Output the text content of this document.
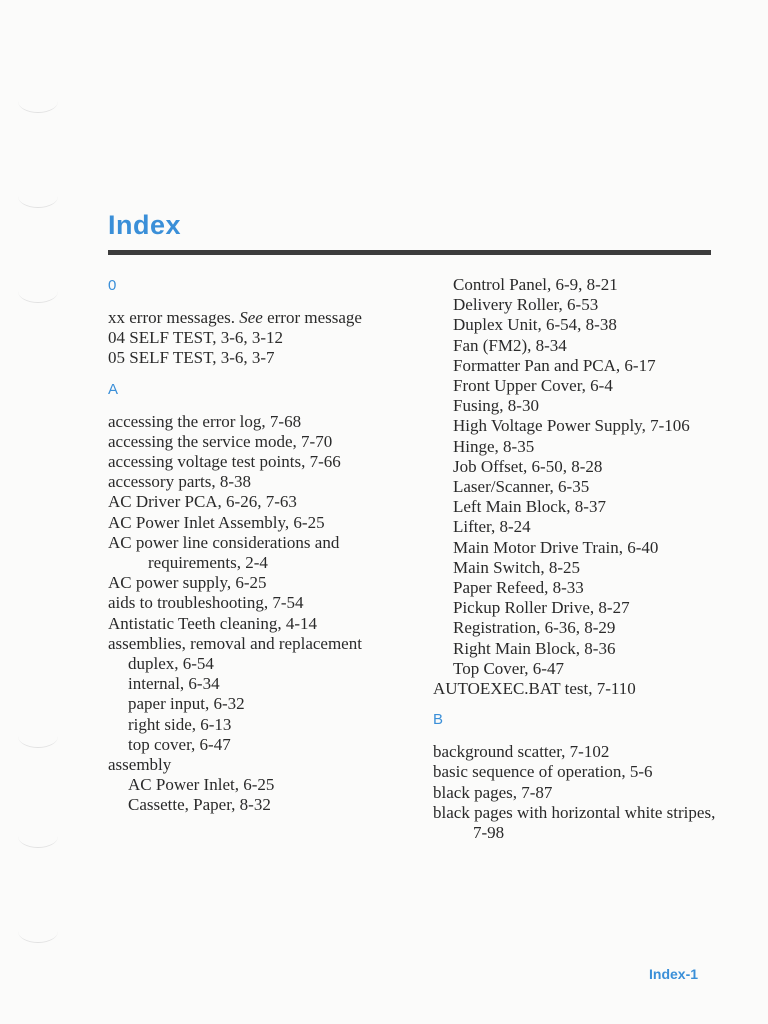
Index
0
xx error messages. See error message
04 SELF TEST, 3-6, 3-12
05 SELF TEST, 3-6, 3-7
A
accessing the error log, 7-68
accessing the service mode, 7-70
accessing voltage test points, 7-66
accessory parts, 8-38
AC Driver PCA, 6-26, 7-63
AC Power Inlet Assembly, 6-25
AC power line considerations and requirements, 2-4
AC power supply, 6-25
aids to troubleshooting, 7-54
Antistatic Teeth cleaning, 4-14
assemblies, removal and replacement
duplex, 6-54
internal, 6-34
paper input, 6-32
right side, 6-13
top cover, 6-47
assembly
AC Power Inlet, 6-25
Cassette, Paper, 8-32
Control Panel, 6-9, 8-21
Delivery Roller, 6-53
Duplex Unit, 6-54, 8-38
Fan (FM2), 8-34
Formatter Pan and PCA, 6-17
Front Upper Cover, 6-4
Fusing, 8-30
High Voltage Power Supply, 7-106
Hinge, 8-35
Job Offset, 6-50, 8-28
Laser/Scanner, 6-35
Left Main Block, 8-37
Lifter, 8-24
Main Motor Drive Train, 6-40
Main Switch, 8-25
Paper Refeed, 8-33
Pickup Roller Drive, 8-27
Registration, 6-36, 8-29
Right Main Block, 8-36
Top Cover, 6-47
AUTOEXEC.BAT test, 7-110
B
background scatter, 7-102
basic sequence of operation, 5-6
black pages, 7-87
black pages with horizontal white stripes, 7-98
Index-1
